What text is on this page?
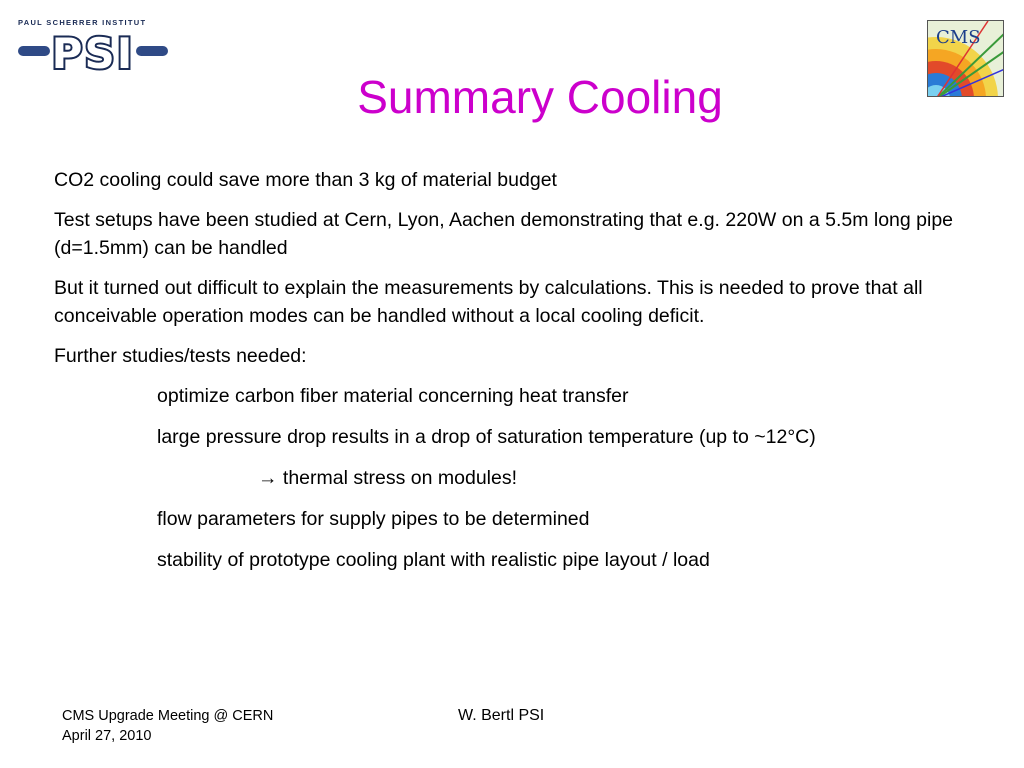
PAUL SCHERRER INSTITUT
PSI	CMS
Summary Cooling

CO2 cooling could save more than 3 kg of material budget

Test setups have been studied at Cern, Lyon, Aachen demonstrating that e.g. 220W on a 5.5m long pipe (d=1.5mm) can be handled

But it turned out difficult to explain the measurements by calculations. This is needed to prove that all conceivable operation modes can be handled without a local cooling deficit.

Further studies/tests needed:

optimize carbon fiber material concerning heat transfer

large pressure drop results in a drop of saturation temperature (up to ~12°C)

→ thermal stress on modules!

flow parameters for supply pipes to be determined

stability of prototype cooling plant with realistic pipe layout / load

CMS Upgrade Meeting @ CERN
April 27, 2010
W. Bertl PSI
